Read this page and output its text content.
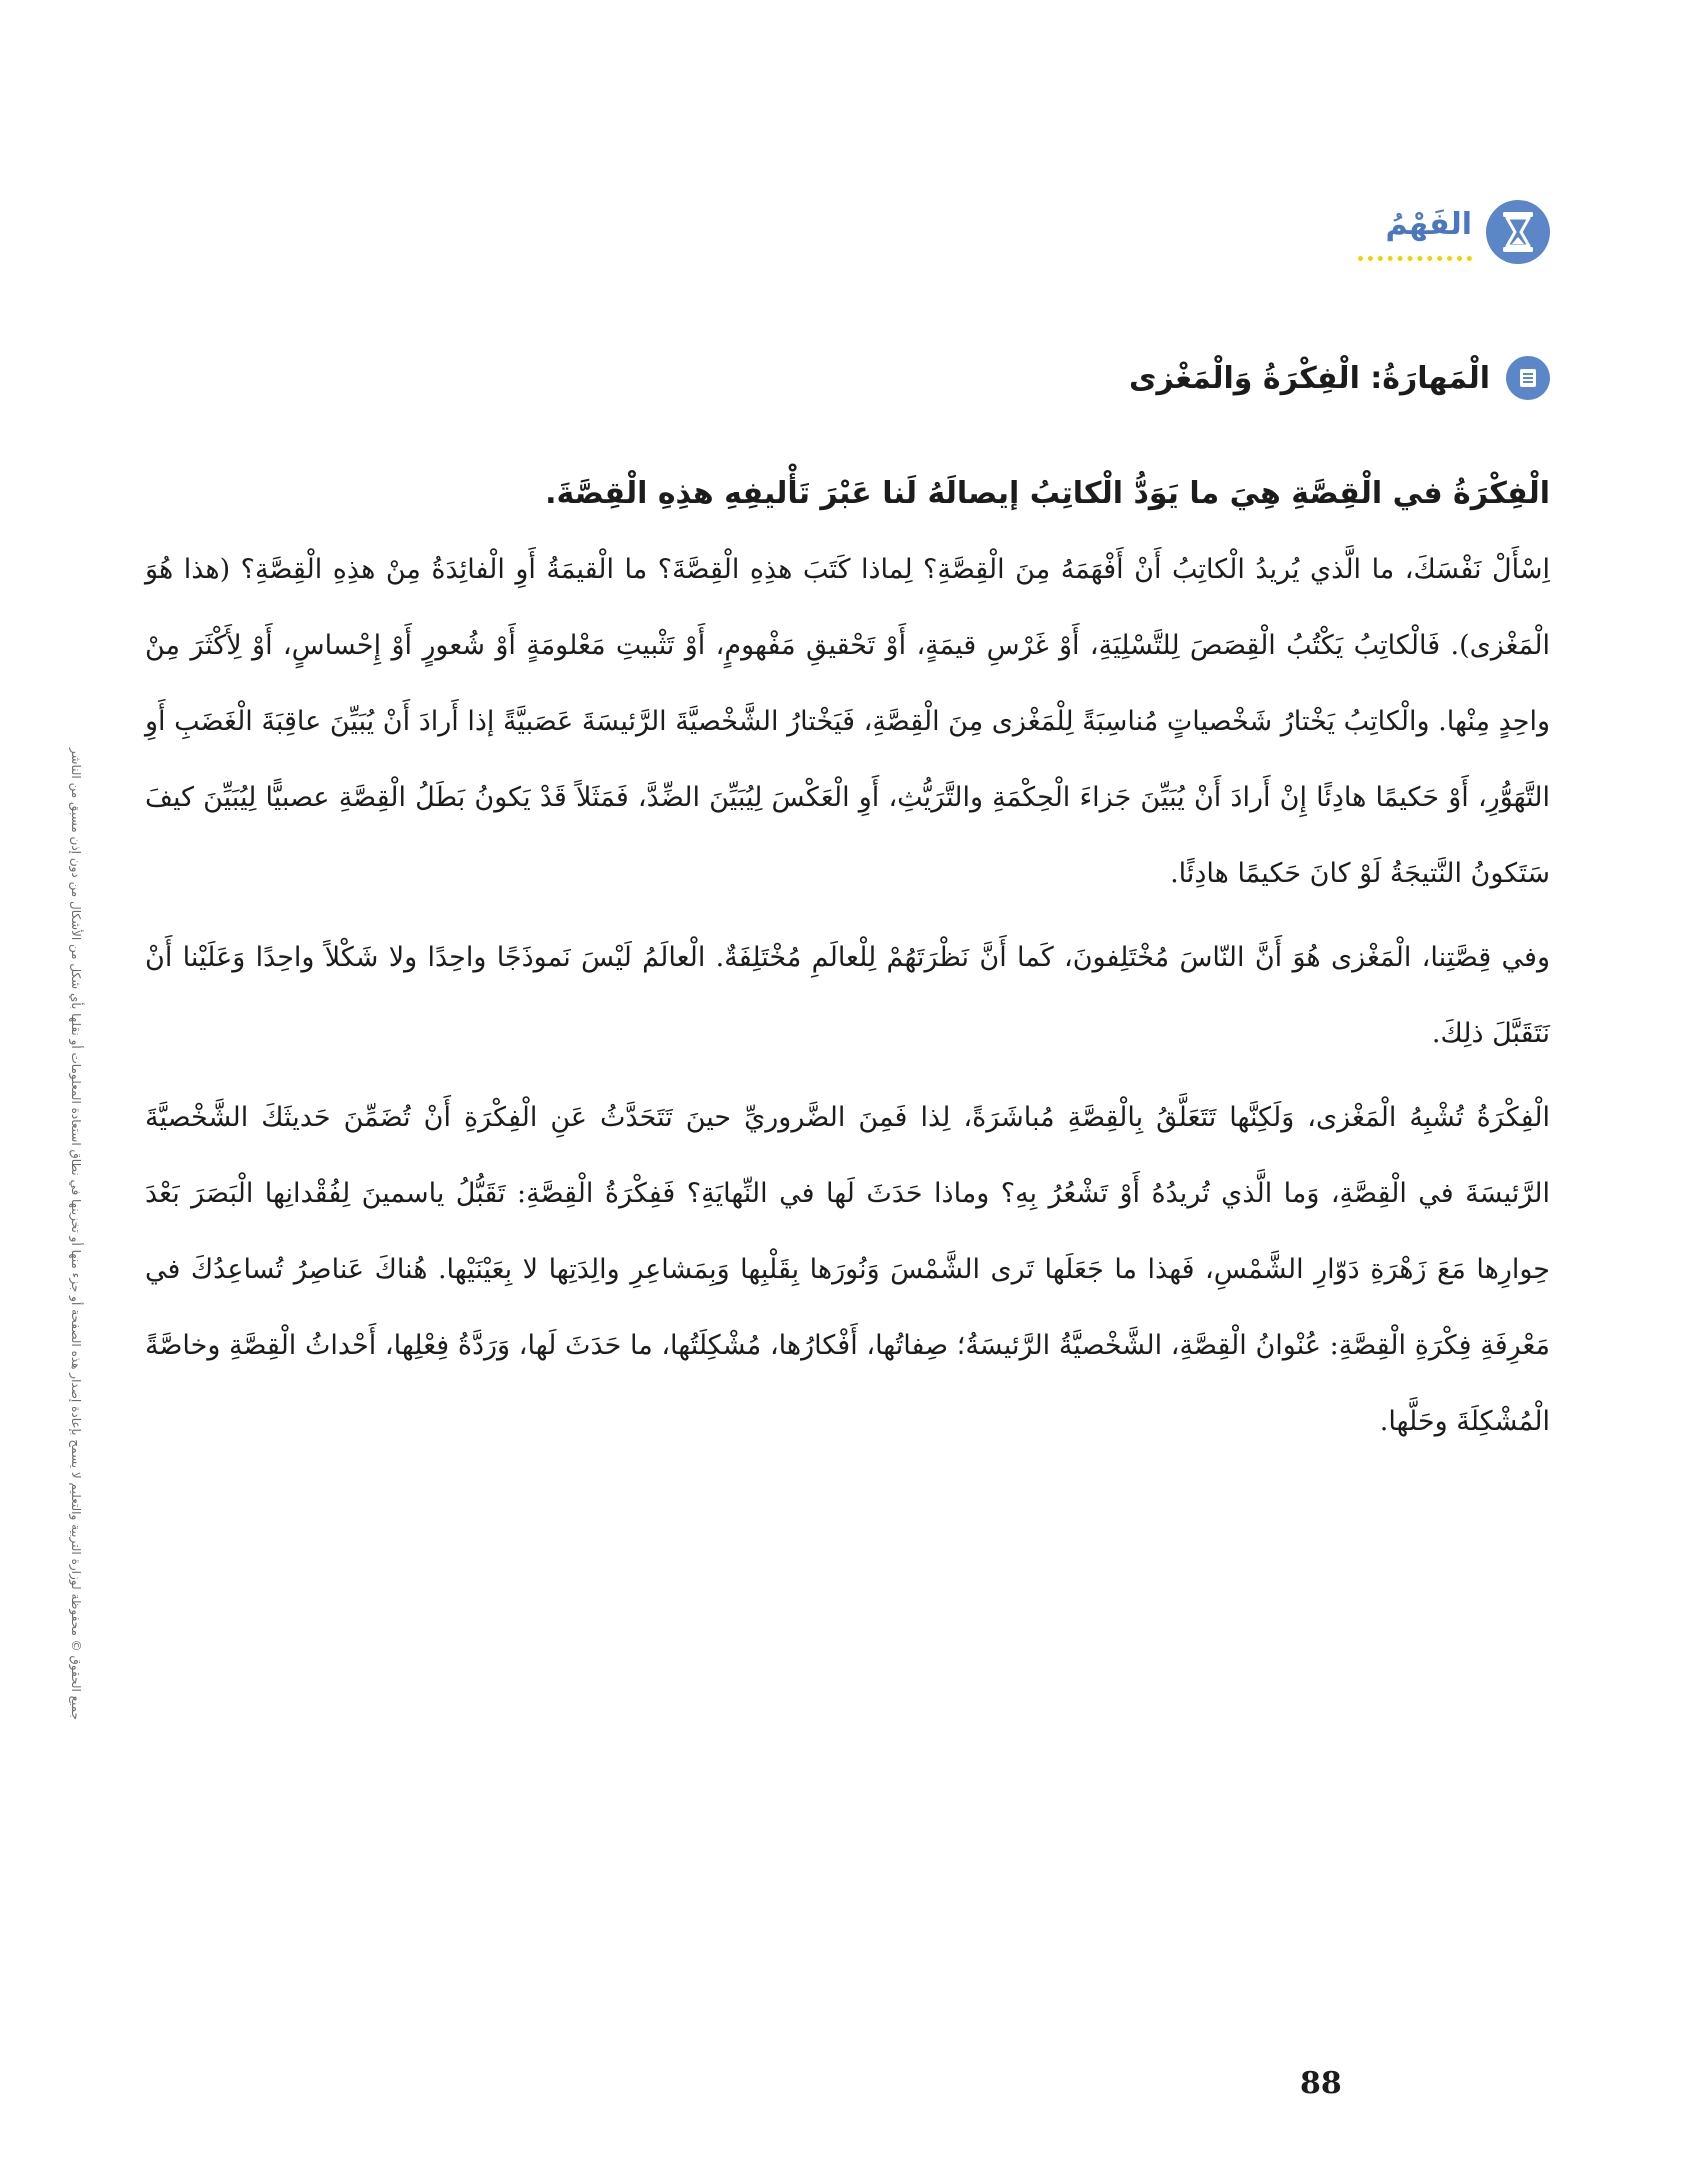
جميع الحقوق © محفوظة لوزارة التربية والتعليم لا يسمح بإعادة إصدار هذه الصفحة أو جزء منها أو تخزينها في نطاق استعادة المعلومات أو نقلها بأي شكل من الأشكال من دون إذن مسبق من الناشر
الفَهْمُ
الْمَهارَةُ: الْفِكْرَةُ وَالْمَغْزى

الْفِكْرَةُ في الْقِصَّةِ هِيَ ما يَوَدُّ الْكاتِبُ إيصالَهُ لَنا عَبْرَ تَأْليفِهِ هذِهِ الْقِصَّةَ.

اِسْأَلْ نَفْسَكَ، ما الَّذي يُريدُ الْكاتِبُ أَنْ أَفْهَمَهُ مِنَ الْقِصَّةِ؟ لِماذا كَتَبَ هذِهِ الْقِصَّةَ؟ ما الْقيمَةُ أَوِ الْفائِدَةُ مِنْ هذِهِ الْقِصَّةِ؟ (هذا هُوَ الْمَغْزى). فَالْكاتِبُ يَكْتُبُ الْقِصَصَ لِلتَّسْلِيَةِ، أَوْ غَرْسِ قيمَةٍ، أَوْ تَحْقيقِ مَفْهومٍ، أَوْ تَثْبيتِ مَعْلومَةٍ أَوْ شُعورٍ أَوْ إِحْساسٍ، أَوْ لِأَكْثَرَ مِنْ واحِدٍ مِنْها. والْكاتِبُ يَخْتارُ شَخْصياتٍ مُناسِبَةً لِلْمَغْزى مِنَ الْقِصَّةِ، فَيَخْتارُ الشَّخْصيَّةَ الرَّئيسَةَ عَصَبيَّةً إذا أَرادَ أَنْ يُبَيِّنَ عاقِبَةَ الْغَضَبِ أَوِ التَّهَوُّرِ، أَوْ حَكيمًا هادِئًا إِنْ أَرادَ أَنْ يُبَيِّنَ جَزاءَ الْحِكْمَةِ والتَّرَيُّثِ، أَوِ الْعَكْسَ لِيُبَيِّنَ الضِّدَّ، فَمَثَلاً قَدْ يَكونُ بَطَلُ الْقِصَّةِ عصبيًّا لِيُبَيِّنَ كيفَ سَتَكونُ النَّتيجَةُ لَوْ كانَ حَكيمًا هادِئًا.

وفي قِصَّتِنا، الْمَغْزى هُوَ أَنَّ النّاسَ مُخْتَلِفونَ، كَما أَنَّ نَظْرَتَهُمْ لِلْعالَمِ مُخْتَلِفَةٌ. الْعالَمُ لَيْسَ نَموذَجًا واحِدًا ولا شَكْلاً واحِدًا وَعَلَيْنا أَنْ نَتَقَبَّلَ ذلِكَ.

الْفِكْرَةُ تُشْبِهُ الْمَغْزى، وَلَكِنَّها تَتَعَلَّقُ بِالْقِصَّةِ مُباشَرَةً، لِذا فَمِنَ الضَّروريِّ حينَ تَتَحَدَّثُ عَنِ الْفِكْرَةِ أَنْ تُضَمِّنَ حَديثَكَ الشَّخْصيَّةَ الرَّئيسَةَ في الْقِصَّةِ، وَما الَّذي تُريدُهُ أَوْ تَشْعُرُ بِهِ؟ وماذا حَدَثَ لَها في النِّهايَةِ؟ فَفِكْرَةُ الْقِصَّةِ: تَقَبُّلُ ياسمينَ لِفُقْدانِها الْبَصَرَ بَعْدَ حِوارِها مَعَ زَهْرَةِ دَوّارِ الشَّمْسِ، فَهذا ما جَعَلَها تَرى الشَّمْسَ وَنُورَها بِقَلْبِها وَبِمَشاعِرِ والِدَتِها لا بِعَيْنَيْها. هُناكَ عَناصِرُ تُساعِدُكَ في مَعْرِفَةِ فِكْرَةِ الْقِصَّةِ: عُنْوانُ الْقِصَّةِ، الشَّخْصيَّةُ الرَّئيسَةُ؛ صِفاتُها، أَفْكارُها، مُشْكِلَتُها، ما حَدَثَ لَها، وَرَدَّةُ فِعْلِها، أَحْداثُ الْقِصَّةِ وخاصَّةً الْمُشْكِلَةَ وحَلَّها.

88
